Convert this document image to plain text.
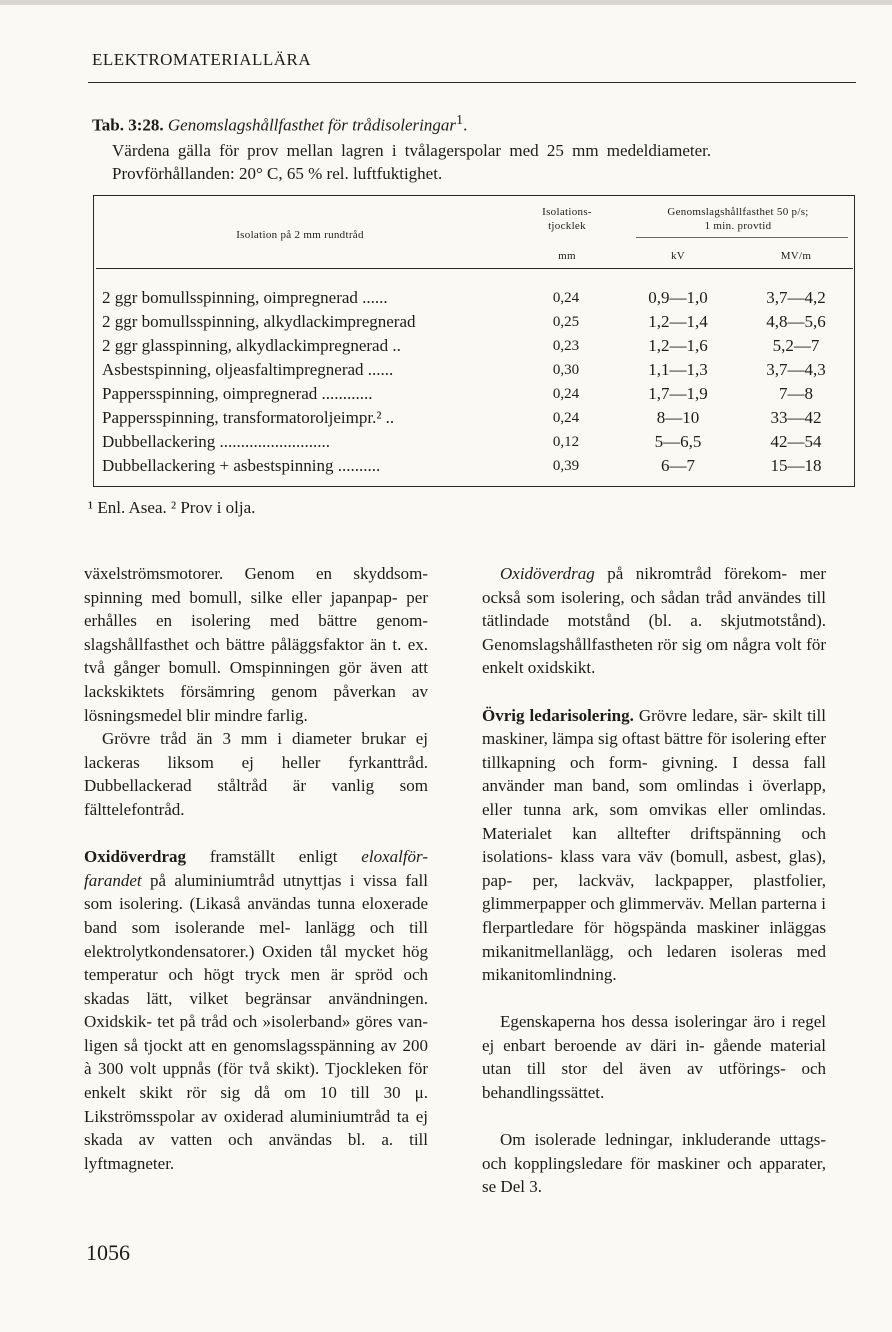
ELEKTROMATERIALLÄRA
Tab. 3:28. Genomslagshållfasthet för trådisoleringar$^1$.
Värdena gälla för prov mellan lagren i tvålagerspolar med 25 mm medeldiameter.
Provförhållanden: 20° C, 65 % rel. luftfuktighet.
Isolation på 2 mm rundtråd
Isolations-
tjocklek
Genomslagshållfasthet 50 p/s;
1 min. provtid
mm	kV	MV/m
2 ggr bomullsspinning, oimpregnerad ......	0,24	0,9—1,0	3,7—4,2
2 ggr bomullsspinning, alkydlackimpregnerad	0,25	1,2—1,4	4,8—5,6
2 ggr glasspinning, alkydlackimpregnerad ..	0,23	1,2—1,6	5,2—7
Asbestspinning, oljeasfaltimpregnerad ......	0,30	1,1—1,3	3,7—4,3
Pappersspinning, oimpregnerad ............	0,24	1,7—1,9	7—8
Pappersspinning, transformatoroljeimpr.² ..	0,24	8—10	33—42
Dubbellackering ..........................	0,12	5—6,5	42—54
Dubbellackering + asbestspinning ..........	0,39	6—7	15—18
¹ Enl. Asea. ² Prov i olja.

växelströmsmotorer. Genom en skyddsom- spinning med bomull, silke eller japanpap- per erhålles en isolering med bättre genom- slagshållfasthet och bättre påläggsfaktor än t. ex. två gånger bomull. Omspinningen gör även att lackskiktets försämring genom påverkan av lösningsmedel blir mindre farlig.

Grövre tråd än 3 mm i diameter brukar ej lackeras liksom ej heller fyrkanttråd. Dubbellackerad ståltråd är vanlig som fälttelefontråd.

Oxidöverdrag framställt enligt eloxalför- farandet på aluminiumtråd utnyttjas i vissa fall som isolering. (Likaså användas tunna eloxerade band som isolerande mel- lanlägg och till elektrolytkondensatorer.) Oxiden tål mycket hög temperatur och högt tryck men är spröd och skadas lätt, vilket begränsar användningen. Oxidskik- tet på tråd och »isolerband» göres van- ligen så tjockt att en genomslagsspänning av 200 à 300 volt uppnås (för två skikt). Tjockleken för enkelt skikt rör sig då om 10 till 30 μ. Likströmsspolar av oxiderad aluminiumtråd ta ej skada av vatten och användas bl. a. till lyftmagneter.

Oxidöverdrag på nikromtråd förekom- mer också som isolering, och sådan tråd användes till tätlindade motstånd (bl. a. skjutmotstånd). Genomslagshållfastheten rör sig om några volt för enkelt oxidskikt.

Övrig ledarisolering. Grövre ledare, sär- skilt till maskiner, lämpa sig oftast bättre för isolering efter tillkapning och form- givning. I dessa fall använder man band, som omlindas i överlapp, eller tunna ark, som omvikas eller omlindas. Materialet kan alltefter driftspänning och isolations- klass vara väv (bomull, asbest, glas), pap- per, lackväv, lackpapper, plastfolier, glimmerpapper och glimmerväv. Mellan parterna i flerpartledare för högspända maskiner inläggas mikanitmellanlägg, och ledaren isoleras med mikanitomlindning.

Egenskaperna hos dessa isoleringar äro i regel ej enbart beroende av däri in- gående material utan till stor del även av utförings- och behandlingssättet.

Om isolerade ledningar, inkluderande uttags- och kopplingsledare för maskiner och apparater, se Del 3.

1056
